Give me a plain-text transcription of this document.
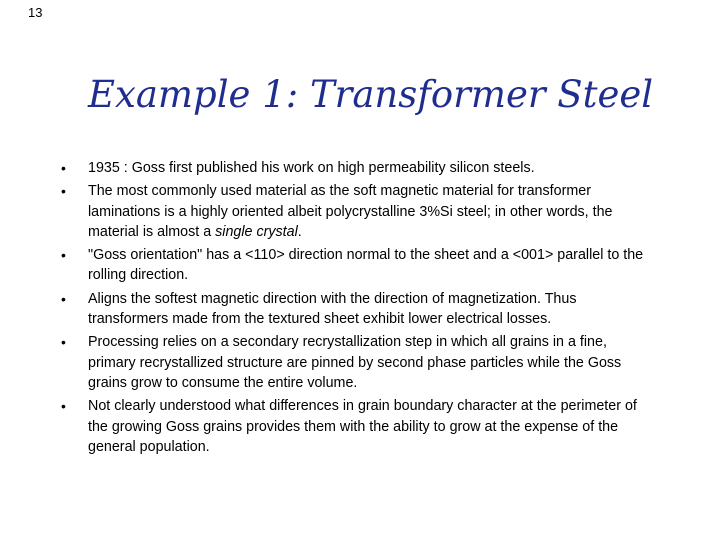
13
Example 1: Transformer Steel
• 1935 : Goss first published his work on high permeability silicon steels.
• The most commonly used material as the soft magnetic material for transformer laminations is a highly oriented albeit polycrystalline 3%Si steel; in other words, the material is almost a single crystal.
• "Goss orientation" has a <110> direction normal to the sheet and a <001> parallel to the rolling direction.
• Aligns the softest magnetic direction with the direction of magnetization. Thus transformers made from the textured sheet exhibit lower electrical losses.
• Processing relies on a secondary recrystallization step in which all grains in a fine, primary recrystallized structure are pinned by second phase particles while the Goss grains grow to consume the entire volume.
• Not clearly understood what differences in grain boundary character at the perimeter of the growing Goss grains provides them with the ability to grow at the expense of the general population.
